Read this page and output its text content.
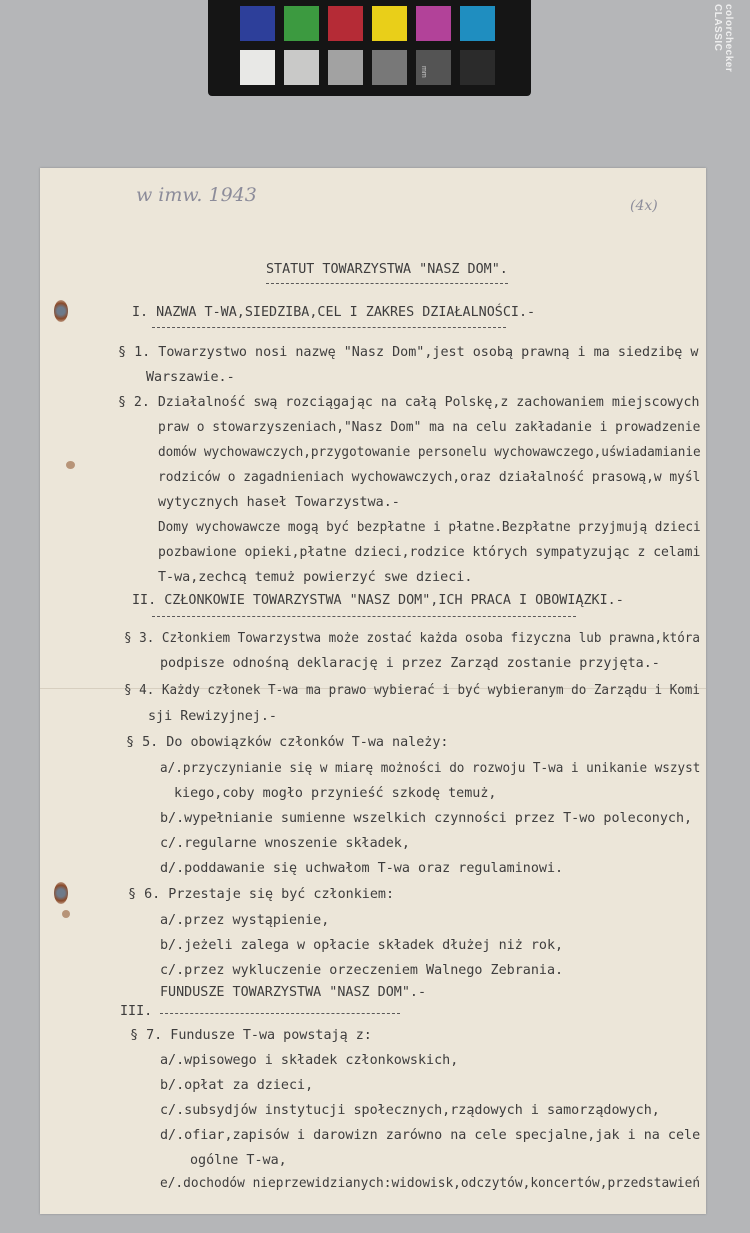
colorchecker CLASSIC
mm
w imw. 1943	(4x)
STATUT TOWARZYSTWA "NASZ DOM".
I. NAZWA T-WA,SIEDZIBA,CEL I ZAKRES DZIAŁALNOŚCI.-
§ 1. Towarzystwo nosi nazwę "Nasz Dom",jest osobą prawną i ma siedzibę w
Warszawie.-
§ 2. Działalność swą rozciągając na całą Polskę,z zachowaniem miejscowych
praw o stowarzyszeniach,"Nasz Dom" ma na celu zakładanie i prowadzenie
domów wychowawczych,przygotowanie personelu wychowawczego,uświadamianie
rodziców o zagadnieniach wychowawczych,oraz działalność prasową,w myśl
wytycznych haseł Towarzystwa.-
Domy wychowawcze mogą być bezpłatne i płatne.Bezpłatne przyjmują dzieci
pozbawione opieki,płatne dzieci,rodzice których sympatyzując z celami
T-wa,zechcą temuż powierzyć swe dzieci.
II. CZŁONKOWIE TOWARZYSTWA "NASZ DOM",ICH PRACA I OBOWIĄZKI.-
§ 3. Członkiem Towarzystwa może zostać każda osoba fizyczna lub prawna,która
podpisze odnośną deklarację i przez Zarząd zostanie przyjęta.-
§ 4. Każdy członek T-wa ma prawo wybierać i być wybieranym do Zarządu i Komi
sji Rewizyjnej.-
§ 5. Do obowiązków członków T-wa należy:
a/.przyczynianie się w miarę możności do rozwoju T-wa i unikanie wszyst
kiego,coby mogło przynieść szkodę temuż,
b/.wypełnianie sumienne wszelkich czynności przez T-wo poleconych,
c/.regularne wnoszenie składek,
d/.poddawanie się uchwałom T-wa oraz regulaminowi.
§ 6. Przestaje się być członkiem:
a/.przez wystąpienie,
b/.jeżeli zalega w opłacie składek dłużej niż rok,
c/.przez wykluczenie orzeczeniem Walnego Zebrania.
FUNDUSZE TOWARZYSTWA "NASZ DOM".-
III.
§ 7. Fundusze T-wa powstają z:
a/.wpisowego i składek członkowskich,
b/.opłat za dzieci,
c/.subsydjów instytucji społecznych,rządowych i samorządowych,
d/.ofiar,zapisów i darowizn zarówno na cele specjalne,jak i na cele
ogólne T-wa,
e/.dochodów nieprzewidzianych:widowisk,odczytów,koncertów,przedstawień
